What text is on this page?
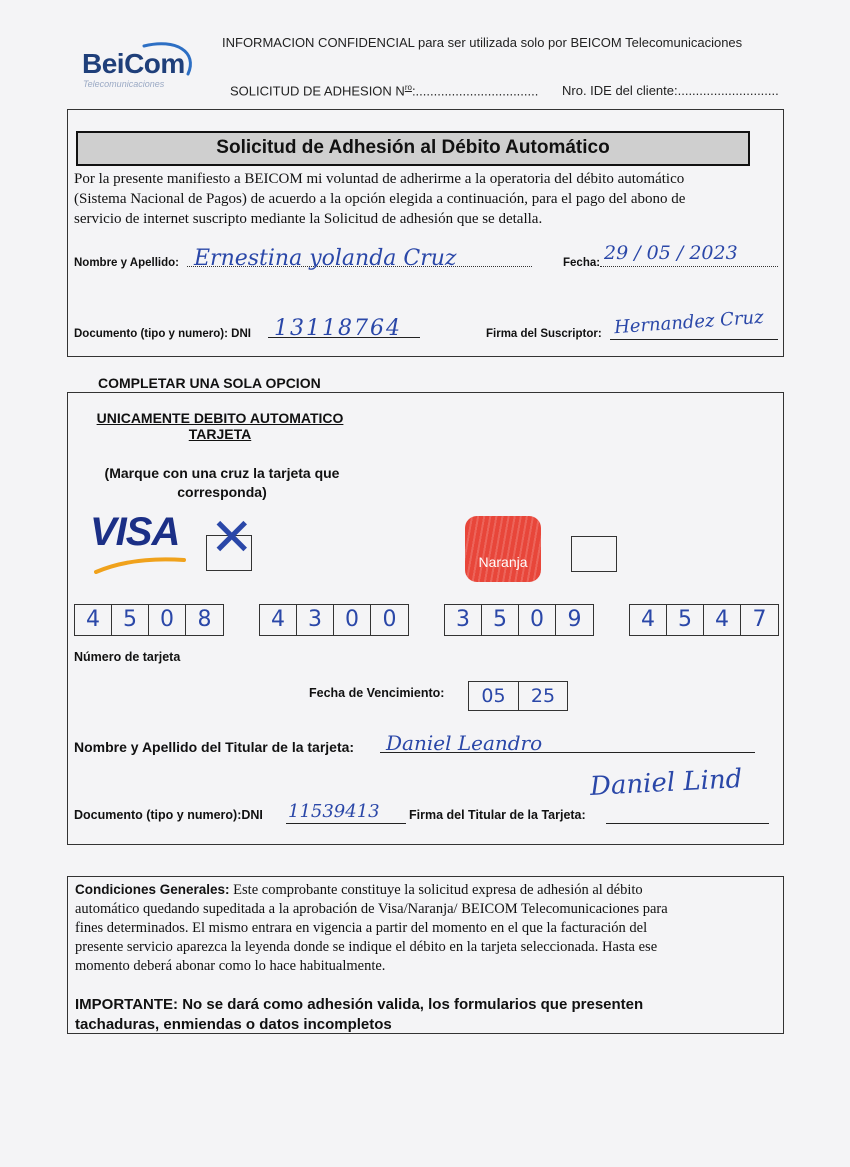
BeiCom
Telecomunicaciones
INFORMACION CONFIDENCIAL para ser utilizada solo por BEICOM Telecomunicaciones
SOLICITUD DE ADHESION $N^{ro}$:.................................. Nro. IDE del cliente:............................
Solicitud de Adhesión al Débito Automático
Por la presente manifiesto a BEICOM mi voluntad de adherirme a la operatoria del débito automático
(Sistema Nacional de Pagos) de acuerdo a la opción elegida a continuación, para el pago del abono de
servicio de internet suscripto mediante la Solicitud de adhesión que se detalla.
Nombre y Apellido: Ernestina yolanda Cruz	Fecha: 29 / 05 / 2023
Documento (tipo y numero): DNI 13118764	Firma del Suscriptor: Hernandez Cruz
COMPLETAR UNA SOLA OPCION
UNICAMENTE DEBITO AUTOMATICO
TARJETA
(Marque con una cruz la tarjeta que
corresponda)
VISA ✕	Naranja
4	5	0	8	4	3	0	0	3	5	0	9	4	5	4	7
Número de tarjeta
Fecha de Vencimiento:	05	25
Nombre y Apellido del Titular de la tarjeta: Daniel Leandro
Documento (tipo y numero):DNI 11539413 Firma del Titular de la Tarjeta:
Daniel Lind
Condiciones Generales: Este comprobante constituye la solicitud expresa de adhesión al débito
automático quedando supeditada a la aprobación de Visa/Naranja/ BEICOM Telecomunicaciones para
fines determinados. El mismo entrara en vigencia a partir del momento en el que la facturación del
presente servicio aparezca la leyenda donde se indique el débito en la tarjeta seleccionada. Hasta ese
momento deberá abonar como lo hace habitualmente.
IMPORTANTE: No se dará como adhesión valida, los formularios que presenten
tachaduras, enmiendas o datos incompletos
